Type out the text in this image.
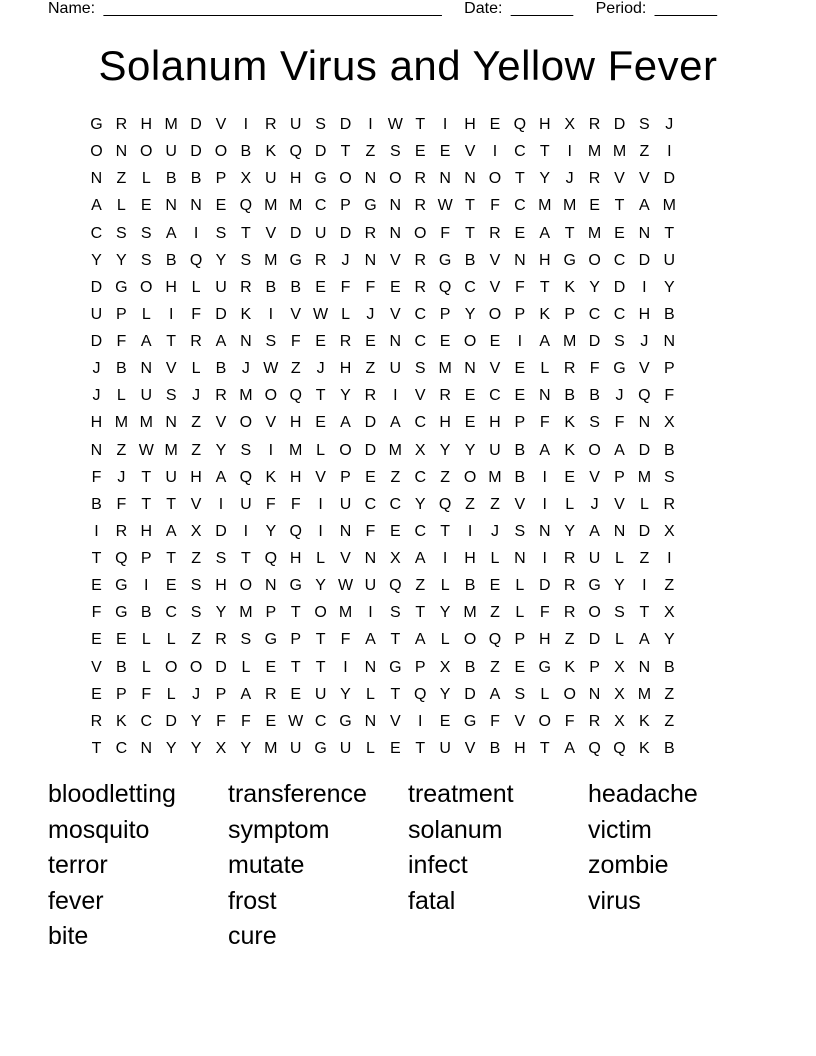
Name: ______________________________________ Date: _______ Period: _______
Solanum Virus and Yellow Fever
G R H M D V	I	R U S D	I W T	I	H E Q H X R D S J
O N O U D O B K Q D T Z S E E V	I	C T	I	M M Z	I
N Z L B B P X U H G O N O R N N O T Y J R V V D
A L E N N E Q M M C P G N R W T F C M M E T A M
C S S A	I	S T V D U D R N O F T R E A T M E N T
Y Y S B Q Y S M G R J N V R G B V N H G O C D U
D G O H L U R B B E F F E R Q C V F T K Y D	I	Y
U P L	I	F D K	I	V W L	J V C P Y O P K P C C H B
D F A T R A N S F E R E N C E O E	I	A M D S J N
J B N V L B J W Z	J H Z U S M N V E L R F G V P
J	L U S J R M O Q T Y R	I	V R E C E N B B J Q F
H M M N Z V O V H E A D A C H E H P F K S F N X
N Z W M Z Y S	I	M L O D M X Y Y U B A K O A D B
F	J	T U H A Q K H V P E Z C Z O M B	I	E V P M S
B F T T V	I	U F F	I	U C C Y Q Z Z V	I	L	J V L R
I	R H A X D	I	Y Q	I	N F E C T	I	J S N Y A N D X
T Q P T Z S T Q H L V N X A	I	H L N	I	R U L Z	I
E G	I	E S H O N G Y W U Q Z L B E L D R G Y	I	Z
F G B C S Y M P T O M	I	S T Y M Z L F R O S T X
E E L	L Z R S G P T F A T A L O Q P H Z D L A Y
V B L O O D L E T T	I	N G P X B Z E G K P X N B
E P F L	J P A R E U Y L T Q Y D A S L O N X M Z
R K C D Y F F E W C G N V	I	E G F V O F R X K Z
T C N Y Y X Y M U G U L E T U V B H T A Q Q K B
bloodletting	transference	treatment	headache
mosquito	symptom	solanum	victim
terror	mutate	infect	zombie
fever	frost	fatal	virus
bite	cure
